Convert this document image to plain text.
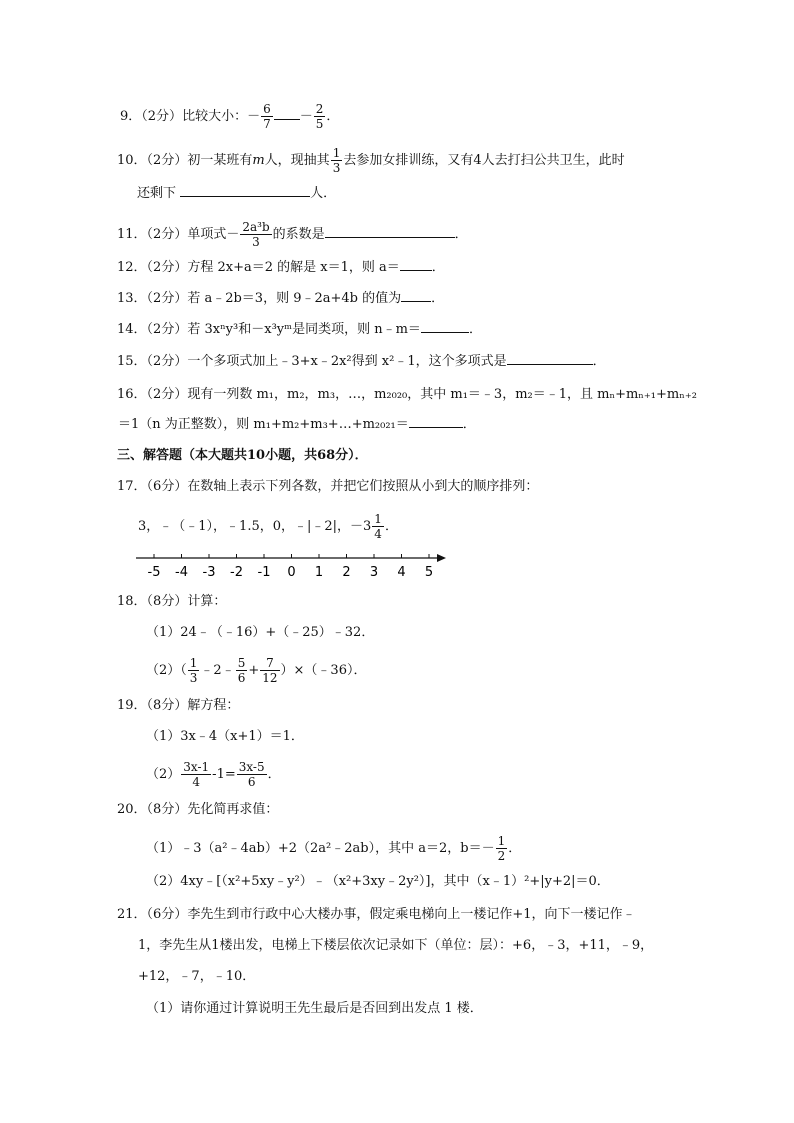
9．（2分）比较大小：－ $\frac{6}{7} - \frac{2}{5}$ ．
10．（2分）初一某班有m人，现抽其 $\frac{1}{3}$ 去参加女排训练，又有4人去打扫公共卫生，此时
还剩下	人．
11．（2分）单项式－ $\frac{\text{2a³b}}{3}$ 的系数是	．
12．（2分）方程 2x+a＝2 的解是 x＝1，则 a＝ ．
13．（2分）若 a﹣2b＝3，则 9﹣2a+4b 的值为 ．
14．（2分）若 3xⁿy³和－x³yᵐ是同类项，则 n﹣m＝	．
15．（2分）一个多项式加上﹣3+x﹣2x²得到 x²﹣1，这个多项式是	．
16．（2分）现有一列数 m₁，m₂，m₃，…，m₂₀₂₀，其中 m₁＝﹣3，m₂＝﹣1，且 mₙ+mₙ₊₁+mₙ₊₂
＝1（n 为正整数），则 m₁+m₂+m₃+…+m₂₀₂₁＝	．
三、解答题（本大题共10小题，共68分）．
17．（6分）在数轴上表示下列各数，并把它们按照从小到大的顺序排列：
3，﹣（﹣1），﹣1.5，0，﹣|﹣2|，$-3 \frac{1}{4}$ ．
-5 -4 -3 -2 -1 0 1 2 3 4 5
18．（8分）计算：
（1）24﹣（﹣16）+（﹣25）﹣32．
$(2)( \frac{1}{3}$ ﹣2﹣ $\frac{5}{6} + \frac{7}{12}$ ）×（﹣36）．
19．（8分）解方程：
（1）3x﹣4（x+1）＝1．
$(2) \frac{3x-1}{4} -1= \frac{3x-5}{6}$ ．
20．（8分）先化简再求值：
（1）﹣3（a²﹣4ab）+2（2a²﹣2ab），其中 a＝2，$b=- \frac{1}{2}$ ．
（2）4xy﹣[（x²+5xy﹣y²）﹣（x²+3xy﹣2y²）]，其中（x﹣1）²+|y+2|＝0．
21．（6分）李先生到市行政中心大楼办事，假定乘电梯向上一楼记作+1，向下一楼记作﹣
1，李先生从1楼出发，电梯上下楼层依次记录如下（单位：层）：+6，﹣3，+11，﹣9，
+12，﹣7，﹣10．
（1）请你通过计算说明王先生最后是否回到出发点 1 楼．
